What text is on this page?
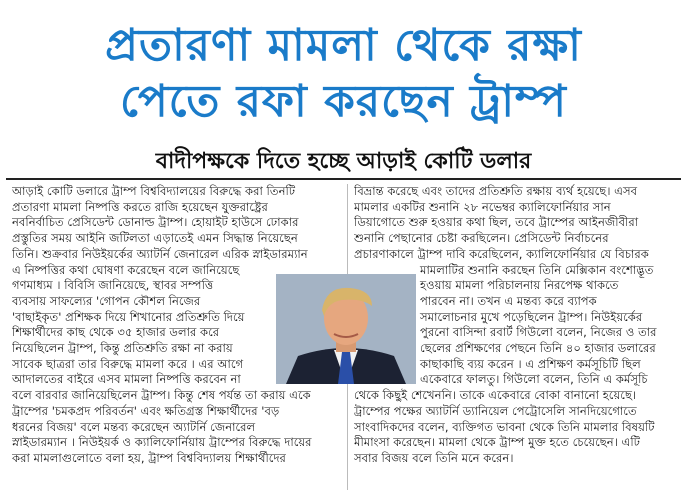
প্রতারণা মামলা থেকে রক্ষা
পেতে রফা করছেন ট্রাম্প
বাদীপক্ষকে দিতে হচ্ছে আড়াই কোটি ডলার
আড়াই কোটি ডলারে ট্রাম্প বিশ্ববিদ্যালয়ের বিরুদ্ধে করা তিনটি
প্রতারণা মামলা নিষ্পত্তি করতে রাজি হয়েছেন যুক্তরাষ্ট্রের
নবনির্বাচিত প্রেসিডেন্ট ডোনাল্ড ট্রাম্প। হোয়াইট হাউসে ঢোকার
প্রস্তুতির সময় আইনি জটিলতা এড়াতেই এমন সিদ্ধান্ত নিয়েছেন
তিনি। শুক্রবার নিউইয়র্কের অ্যাটর্নি জেনারেল এরিক স্নাইডারম্যান
এ নিষ্পত্তির কথা ঘোষণা করেছেন বলে জানিয়েছে
গণমাধ্যম । বিবিসি জানিয়েছে, স্থাবর সম্পত্তি
ব্যবসায় সাফল্যের 'গোপন কৌশল নিজের
'বাছাইকৃত' প্রশিক্ষক দিয়ে শিখানোর প্রতিশ্রুতি দিয়ে
শিক্ষার্থীদের কাছ থেকে ৩৫ হাজার ডলার করে
নিয়েছিলেন ট্রাম্প, কিন্তু প্রতিশ্রুতি রক্ষা না করায়
সাবেক ছাত্ররা তার বিরুদ্ধে মামলা করে । এর আগে
আদালতের বাইরে এসব মামলা নিষ্পত্তি করবেন না
বলে বারবার জানিয়েছিলেন ট্রাম্প। কিন্তু শেষ পর্যন্ত তা করায় একে
ট্রাম্পের 'চমকপ্রদ পরিবর্তন' এবং ক্ষতিগ্রস্ত শিক্ষার্থীদের 'বড়
ধরনের বিজয়' বলে মন্তব্য করেছেন অ্যাটর্নি জেনারেল
স্নাইডারম্যান । নিউইয়র্ক ও ক্যালিফোর্নিয়ায় ট্রাম্পের বিরুদ্ধে দায়ের
করা মামলাগুলোতে বলা হয়, ট্রাম্প বিশ্ববিদ্যালয় শিক্ষার্থীদের
বিভ্রান্ত করেছে এবং তাদের প্রতিশ্রুতি রক্ষায় ব্যর্থ হয়েছে। এসব
মামলার একটির শুনানি ২৮ নভেম্বর ক্যালিফোর্নিয়ার সান
ডিয়াগোতে শুরু হওয়ার কথা ছিল, তবে ট্রাম্পের আইনজীবীরা
শুনানি পেছানোর চেষ্টা করছিলেন। প্রেসিডেন্ট নির্বাচনের
প্রচারণাকালে ট্রাম্প দাবি করেছিলেন, ক্যালিফোর্নিয়ার যে বিচারক
মামলাটির শুনানি করছেন তিনি মেক্সিকান বংশোদ্ভূত
হওয়ায় মামলা পরিচালনায় নিরপেক্ষ থাকতে
পারবেন না। তখন এ মন্তব্য করে ব্যাপক
সমালোচনার মুখে পড়েছিলেন ট্রাম্প। নিউইয়র্কের
পুরনো বাসিন্দা রবার্ট গিউলো বলেন, নিজের ও তার
ছেলের প্রশিক্ষণের পেছনে তিনি ৪০ হাজার ডলারের
কাছাকাছি ব্যয় করেন । এ প্রশিক্ষণ কর্মসূচিটি ছিল
একেবারে ফালতু। গিউলো বলেন, তিনি এ কর্মসূচি
থেকে কিছুই শেখেননি। তাকে একেবারে বোকা বানানো হয়েছে।
ট্রাম্পের পক্ষের অ্যাটর্নি ড্যানিয়েল পেট্রোসেলি সানদিয়েগোতে
সাংবাদিকদের বলেন, ব্যক্তিগত ভাবনা থেকে তিনি মামলার বিষয়টি
মীমাংসা করেছেন। মামলা থেকে ট্রাম্প মুক্ত হতে চেয়েছেন। এটি
সবার বিজয় বলে তিনি মনে করেন।
